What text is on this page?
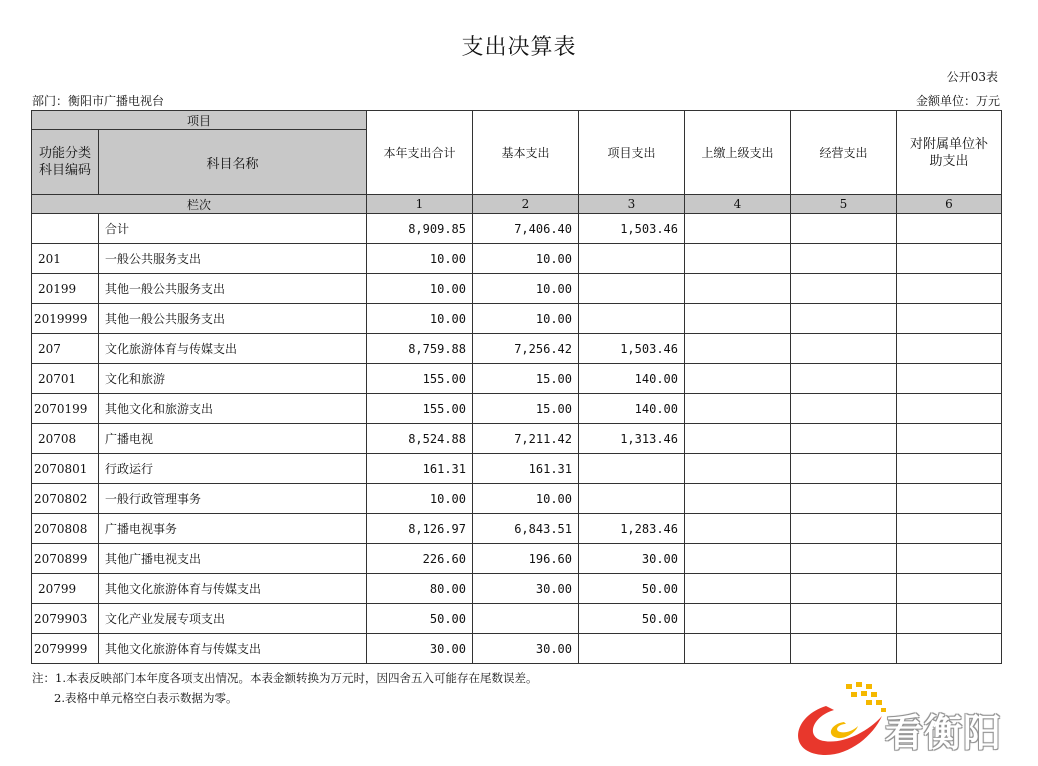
支出决算表
公开03表
部门：衡阳市广播电视台	金额单位：万元
项目		本年支出合计	基本支出	项目支出	上缴上级支出	经营支出	对附属单位补助支出
功能分类科目编码	科目名称						
栏次		1	2	3	4	5	6
	合计	8,909.85	7,406.40	1,503.46			
201	一般公共服务支出	10.00	10.00				
20199	其他一般公共服务支出	10.00	10.00				
2019999	其他一般公共服务支出	10.00	10.00				
207	文化旅游体育与传媒支出	8,759.88	7,256.42	1,503.46			
20701	文化和旅游	155.00	15.00	140.00			
2070199	其他文化和旅游支出	155.00	15.00	140.00			
20708	广播电视	8,524.88	7,211.42	1,313.46			
2070801	行政运行	161.31	161.31				
2070802	一般行政管理事务	10.00	10.00				
2070808	广播电视事务	8,126.97	6,843.51	1,283.46			
2070899	其他广播电视支出	226.60	196.60	30.00			
20799	其他文化旅游体育与传媒支出	80.00	30.00	50.00			
2079903	文化产业发展专项支出	50.00		50.00			
2079999	其他文化旅游体育与传媒支出	30.00	30.00				
注：1.本表反映部门本年度各项支出情况。本表金额转换为万元时，因四舍五入可能存在尾数误差。
2.表格中单元格空白表示数据为零。
看衡阳
